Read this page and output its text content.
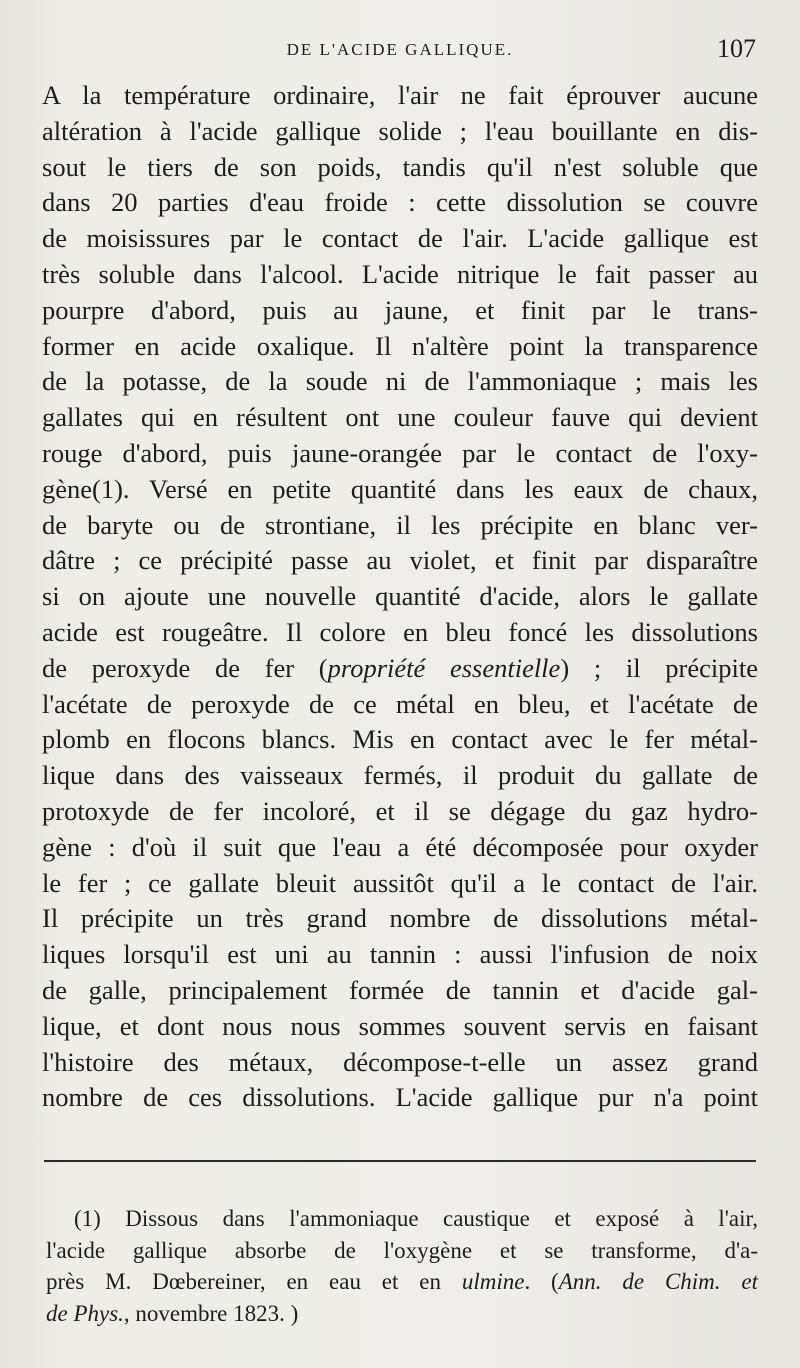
DE L'ACIDE GALLIQUE.	107
A la température ordinaire, l'air ne fait éprouver aucune
altération à l'acide gallique solide ; l'eau bouillante en dis-
sout le tiers de son poids, tandis qu'il n'est soluble que
dans 20 parties d'eau froide : cette dissolution se couvre
de moisissures par le contact de l'air. L'acide gallique est
très soluble dans l'alcool. L'acide nitrique le fait passer au
pourpre d'abord, puis au jaune, et finit par le trans-
former en acide oxalique. Il n'altère point la transparence
de la potasse, de la soude ni de l'ammoniaque ; mais les
gallates qui en résultent ont une couleur fauve qui devient
rouge d'abord, puis jaune-orangée par le contact de l'oxy-
gène(1). Versé en petite quantité dans les eaux de chaux,
de baryte ou de strontiane, il les précipite en blanc ver-
dâtre ; ce précipité passe au violet, et finit par disparaître
si on ajoute une nouvelle quantité d'acide, alors le gallate
acide est rougeâtre. Il colore en bleu foncé les dissolutions
de peroxyde de fer (propriété essentielle) ; il précipite
l'acétate de peroxyde de ce métal en bleu, et l'acétate de
plomb en flocons blancs. Mis en contact avec le fer métal-
lique dans des vaisseaux fermés, il produit du gallate de
protoxyde de fer incoloré, et il se dégage du gaz hydro-
gène : d'où il suit que l'eau a été décomposée pour oxyder
le fer ; ce gallate bleuit aussitôt qu'il a le contact de l'air.
Il précipite un très grand nombre de dissolutions métal-
liques lorsqu'il est uni au tannin : aussi l'infusion de noix
de galle, principalement formée de tannin et d'acide gal-
lique, et dont nous nous sommes souvent servis en faisant
l'histoire des métaux, décompose-t-elle un assez grand
nombre de ces dissolutions. L'acide gallique pur n'a point
(1) Dissous dans l'ammoniaque caustique et exposé à l'air,
l'acide gallique absorbe de l'oxygène et se transforme, d'a-
près M. Dœbereiner, en eau et en ulmine. (Ann. de Chim. et
de Phys., novembre 1823. )
